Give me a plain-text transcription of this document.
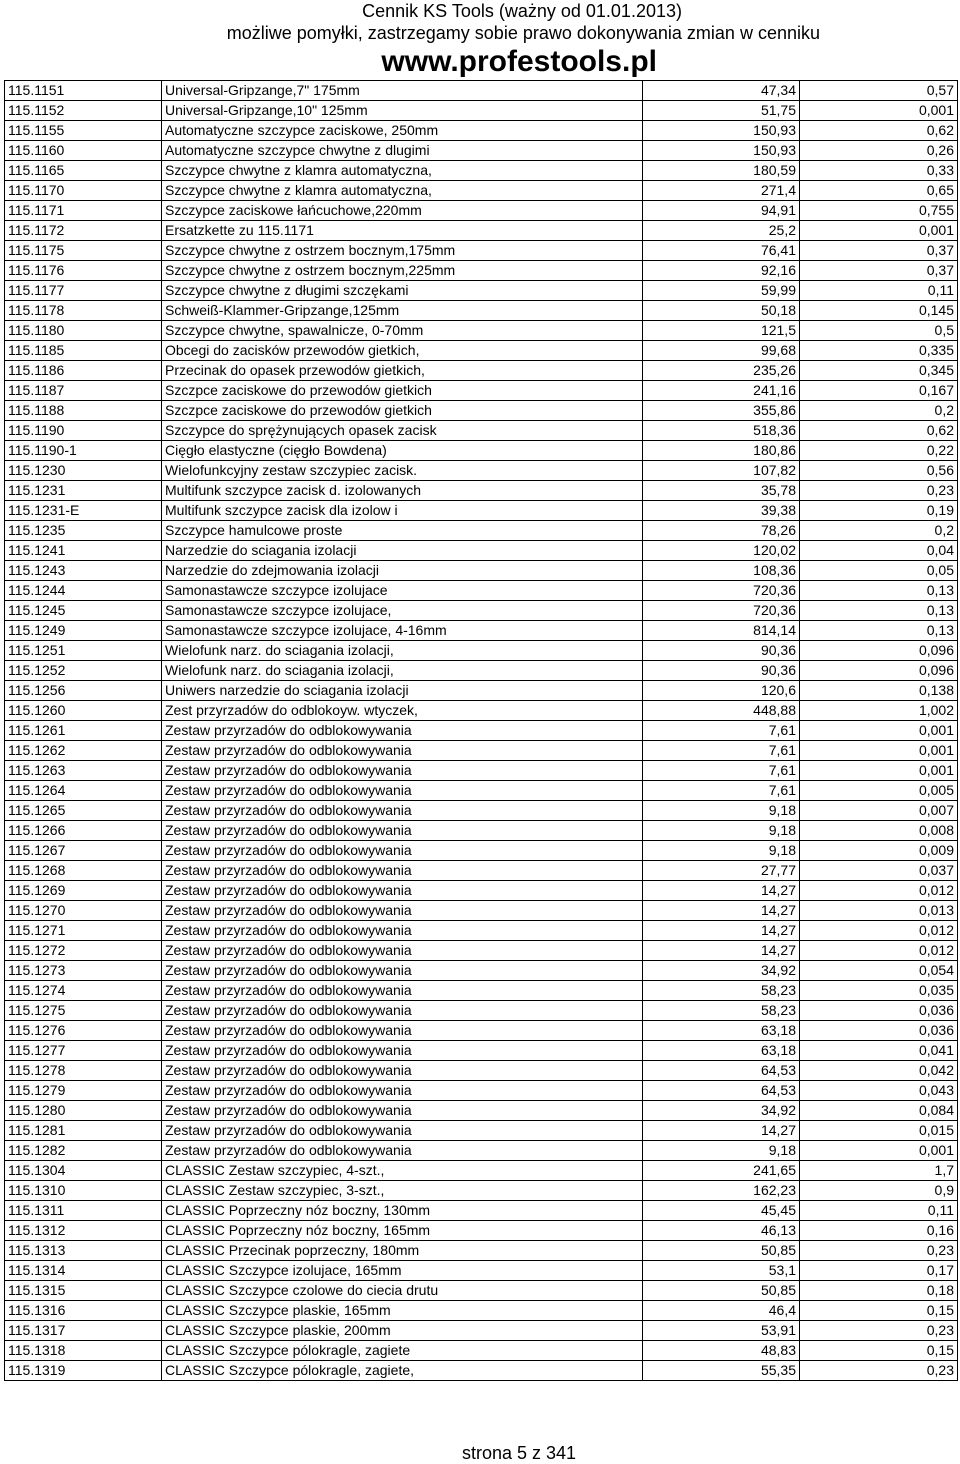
Cennik KS Tools (ważny od 01.01.2013)
możliwe pomyłki, zastrzegamy sobie prawo dokonywania zmian w cenniku
www.profestools.pl
115.1151	Universal-Gripzange,7" 175mm	47,34	0,57
115.1152	Universal-Gripzange,10" 125mm	51,75	0,001
115.1155	Automatyczne szczypce zaciskowe, 250mm	150,93	0,62
115.1160	Automatyczne szczypce chwytne z dlugimi	150,93	0,26
115.1165	Szczypce chwytne z klamra automatyczna,	180,59	0,33
115.1170	Szczypce chwytne z klamra automatyczna,	271,4	0,65
115.1171	Szczypce zaciskowe łańcuchowe,220mm	94,91	0,755
115.1172	Ersatzkette zu 115.1171	25,2	0,001
115.1175	Szczypce chwytne z ostrzem bocznym,175mm	76,41	0,37
115.1176	Szczypce chwytne z ostrzem bocznym,225mm	92,16	0,37
115.1177	Szczypce chwytne z długimi szczękami	59,99	0,11
115.1178	Schweiß-Klammer-Gripzange,125mm	50,18	0,145
115.1180	Szczypce chwytne, spawalnicze, 0-70mm	121,5	0,5
115.1185	Obcegi do zacisków przewodów gietkich,	99,68	0,335
115.1186	Przecinak do opasek przewodów gietkich,	235,26	0,345
115.1187	Szczpce zaciskowe do przewodów gietkich	241,16	0,167
115.1188	Szczpce zaciskowe do przewodów gietkich	355,86	0,2
115.1190	Szczypce do sprężynujących opasek zacisk	518,36	0,62
115.1190-1	Cięgło elastyczne (cięgło Bowdena)	180,86	0,22
115.1230	Wielofunkcyjny zestaw szczypiec zacisk.	107,82	0,56
115.1231	Multifunk szczypce zacisk d. izolowanych	35,78	0,23
115.1231-E	Multifunk szczypce zacisk dla izolow i	39,38	0,19
115.1235	Szczypce hamulcowe proste	78,26	0,2
115.1241	Narzedzie do sciagania izolacji	120,02	0,04
115.1243	Narzedzie do zdejmowania izolacji	108,36	0,05
115.1244	Samonastawcze szczypce izolujace	720,36	0,13
115.1245	Samonastawcze szczypce izolujace,	720,36	0,13
115.1249	Samonastawcze szczypce izolujace, 4-16mm	814,14	0,13
115.1251	Wielofunk narz. do sciagania izolacji,	90,36	0,096
115.1252	Wielofunk narz. do sciagania izolacji,	90,36	0,096
115.1256	Uniwers narzedzie do sciagania izolacji	120,6	0,138
115.1260	Zest przyrzadów do odblokoyw. wtyczek,	448,88	1,002
115.1261	Zestaw przyrzadów do odblokowywania	7,61	0,001
115.1262	Zestaw przyrzadów do odblokowywania	7,61	0,001
115.1263	Zestaw przyrzadów do odblokowywania	7,61	0,001
115.1264	Zestaw przyrzadów do odblokowywania	7,61	0,005
115.1265	Zestaw przyrzadów do odblokowywania	9,18	0,007
115.1266	Zestaw przyrzadów do odblokowywania	9,18	0,008
115.1267	Zestaw przyrzadów do odblokowywania	9,18	0,009
115.1268	Zestaw przyrzadów do odblokowywania	27,77	0,037
115.1269	Zestaw przyrzadów do odblokowywania	14,27	0,012
115.1270	Zestaw przyrzadów do odblokowywania	14,27	0,013
115.1271	Zestaw przyrzadów do odblokowywania	14,27	0,012
115.1272	Zestaw przyrzadów do odblokowywania	14,27	0,012
115.1273	Zestaw przyrzadów do odblokowywania	34,92	0,054
115.1274	Zestaw przyrzadów do odblokowywania	58,23	0,035
115.1275	Zestaw przyrzadów do odblokowywania	58,23	0,036
115.1276	Zestaw przyrzadów do odblokowywania	63,18	0,036
115.1277	Zestaw przyrzadów do odblokowywania	63,18	0,041
115.1278	Zestaw przyrzadów do odblokowywania	64,53	0,042
115.1279	Zestaw przyrzadów do odblokowywania	64,53	0,043
115.1280	Zestaw przyrzadów do odblokowywania	34,92	0,084
115.1281	Zestaw przyrzadów do odblokowywania	14,27	0,015
115.1282	Zestaw przyrzadów do odblokowywania	9,18	0,001
115.1304	CLASSIC Zestaw szczypiec, 4-szt.,	241,65	1,7
115.1310	CLASSIC Zestaw szczypiec, 3-szt.,	162,23	0,9
115.1311	CLASSIC Poprzeczny nóz boczny, 130mm	45,45	0,11
115.1312	CLASSIC Poprzeczny nóz boczny, 165mm	46,13	0,16
115.1313	CLASSIC Przecinak poprzeczny, 180mm	50,85	0,23
115.1314	CLASSIC Szczypce izolujace, 165mm	53,1	0,17
115.1315	CLASSIC Szczypce czolowe do ciecia drutu	50,85	0,18
115.1316	CLASSIC Szczypce plaskie, 165mm	46,4	0,15
115.1317	CLASSIC Szczypce plaskie, 200mm	53,91	0,23
115.1318	CLASSIC Szczypce pólokragle, zagiete	48,83	0,15
115.1319	CLASSIC Szczypce pólokragle, zagiete,	55,35	0,23
strona 5 z 341
